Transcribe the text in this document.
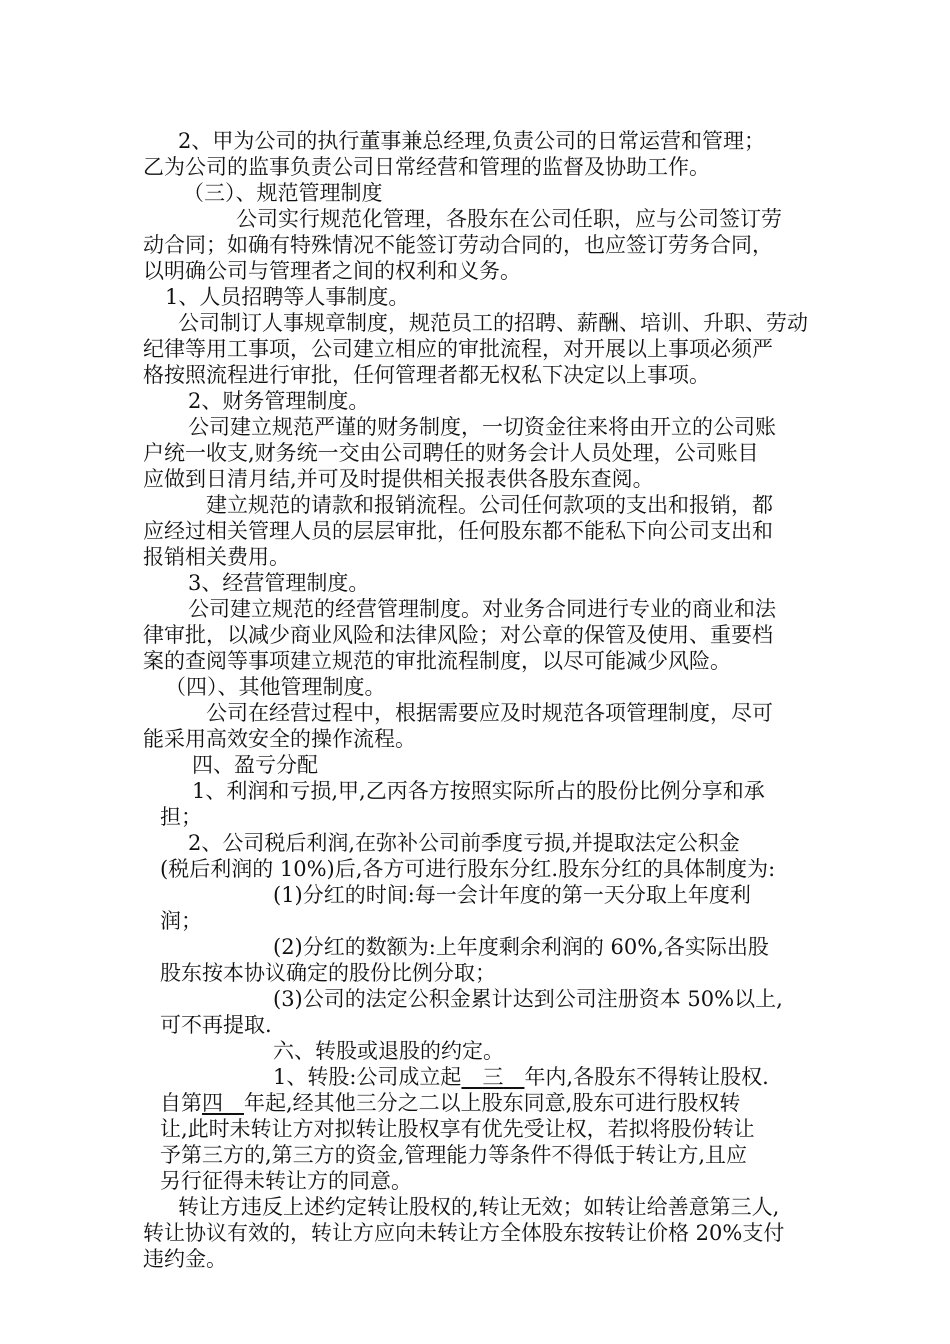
2、甲为公司的执行董事兼总经理,负责公司的日常运营和管理；
乙为公司的监事负责公司日常经营和管理的监督及协助工作。
（三）、规范管理制度
公司实行规范化管理，各股东在公司任职，应与公司签订劳
动合同；如确有特殊情况不能签订劳动合同的，也应签订劳务合同，
以明确公司与管理者之间的权利和义务。
1、人员招聘等人事制度。
公司制订人事规章制度，规范员工的招聘、薪酬、培训、升职、劳动
纪律等用工事项，公司建立相应的审批流程，对开展以上事项必须严
格按照流程进行审批，任何管理者都无权私下决定以上事项。
2、财务管理制度。
公司建立规范严谨的财务制度，一切资金往来将由开立的公司账
户统一收支,财务统一交由公司聘任的财务会计人员处理，公司账目
应做到日清月结,并可及时提供相关报表供各股东查阅。
建立规范的请款和报销流程。公司任何款项的支出和报销，都
应经过相关管理人员的层层审批，任何股东都不能私下向公司支出和
报销相关费用。
3、经营管理制度。
公司建立规范的经营管理制度。对业务合同进行专业的商业和法
律审批，以减少商业风险和法律风险；对公章的保管及使用、重要档
案的查阅等事项建立规范的审批流程制度，以尽可能减少风险。
（四）、其他管理制度。
公司在经营过程中，根据需要应及时规范各项管理制度，尽可
能采用高效安全的操作流程。
四、盈亏分配
1、利润和亏损,甲,乙丙各方按照实际所占的股份比例分享和承
担；
2、公司税后利润,在弥补公司前季度亏损,并提取法定公积金
(税后利润的 10%)后,各方可进行股东分红.股东分红的具体制度为:
(1)分红的时间:每一会计年度的第一天分取上年度利
润；
(2)分红的数额为:上年度剩余利润的 60%,各实际出股
股东按本协议确定的股份比例分取；
(3)公司的法定公积金累计达到公司注册资本 50%以上,
可不再提取.
六、转股或退股的约定。
1、转股:公司成立起   三   年内,各股东不得转让股权.
自第四   年起,经其他三分之二以上股东同意,股东可进行股权转
让,此时未转让方对拟转让股权享有优先受让权，若拟将股份转让
予第三方的,第三方的资金,管理能力等条件不得低于转让方,且应
另行征得未转让方的同意。
转让方违反上述约定转让股权的,转让无效；如转让给善意第三人,
转让协议有效的，转让方应向未转让方全体股东按转让价格 20%支付
违约金。
